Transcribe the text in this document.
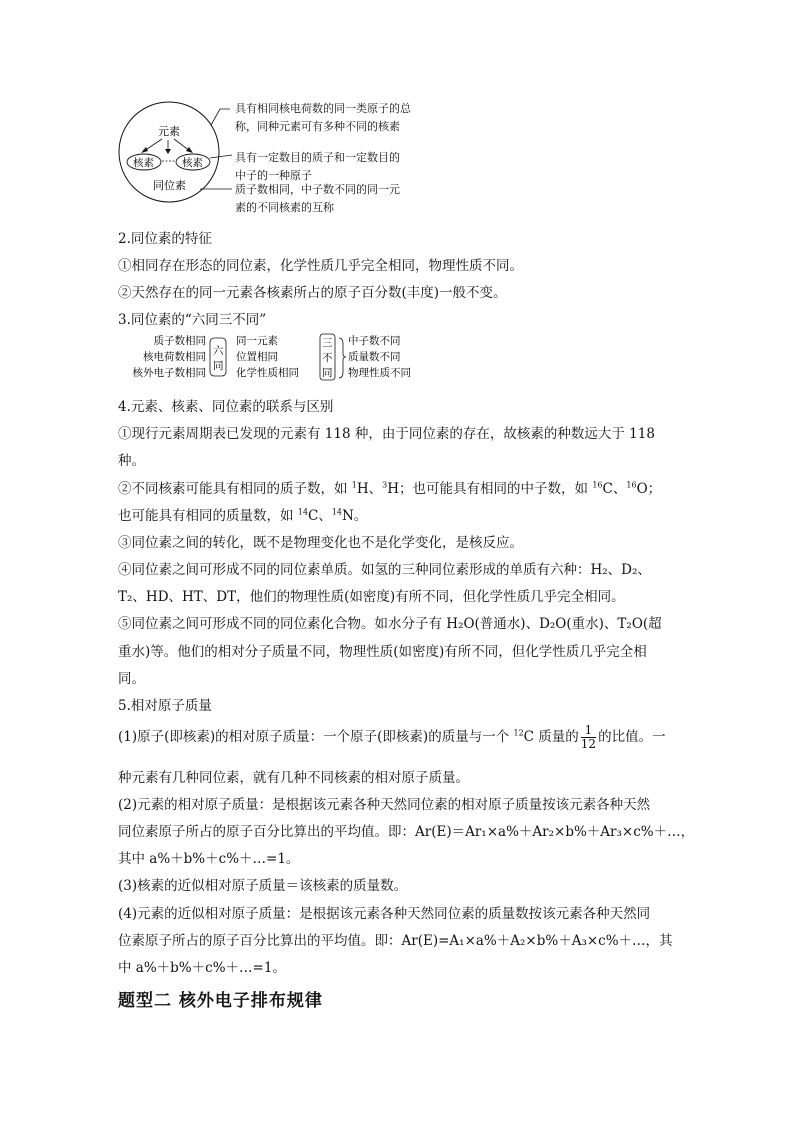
元素
核素	核素
同位素
具有相同核电荷数的同一类原子的总
称，同种元素可有多种不同的核素
具有一定数目的质子和一定数目的
中子的一种原子
质子数相同，中子数不同的同一元
素的不同核素的互称
2.同位素的特征
①相同存在形态的同位素，化学性质几乎完全相同，物理性质不同。
②天然存在的同一元素各核素所占的原子百分数(丰度)一般不变。
3.同位素的“六同三不同”
质子数相同
核电荷数相同
核外电子数相同
六
同
同一元素
位置相同
化学性质相同
三
不
同
中子数不同
质量数不同
物理性质不同
4.元素、核素、同位素的联系与区别
①现行元素周期表已发现的元素有 118 种，由于同位素的存在，故核素的种数远大于 118
种。
②不同核素可能具有相同的质子数，如 $^1$H、$^3$H；也可能具有相同的中子数，如 $^{16}$C、$^{16}$O；
也可能具有相同的质量数，如 $^{14}$C、$^{14}$N。
③同位素之间的转化，既不是物理变化也不是化学变化，是核反应。
④同位素之间可形成不同的同位素单质。如氢的三种同位素形成的单质有六种：H₂、D₂、
T₂、HD、HT、DT，他们的物理性质(如密度)有所不同，但化学性质几乎完全相同。
⑤同位素之间可形成不同的同位素化合物。如水分子有 H₂O(普通水)、D₂O(重水)、T₂O(超
重水)等。他们的相对分子质量不同，物理性质(如密度)有所不同，但化学性质几乎完全相
同。
5.相对原子质量
(1)原子(即核素)的相对原子质量：一个原子(即核素)的质量与一个 $^{12}$C 质量的 $\frac{1}{12}$ 的比值。一
种元素有几种同位素，就有几种不同核素的相对原子质量。
(2)元素的相对原子质量：是根据该元素各种天然同位素的相对原子质量按该元素各种天然
同位素原子所占的原子百分比算出的平均值。即：Ar(E)＝Ar₁×a%＋Ar₂×b%＋Ar₃×c%＋…，
其中 a%＋b%＋c%＋…=1。
(3)核素的近似相对原子质量＝该核素的质量数。
(4)元素的近似相对原子质量：是根据该元素各种天然同位素的质量数按该元素各种天然同
位素原子所占的原子百分比算出的平均值。即：Ar(E)=A₁×a%＋A₂×b%＋A₃×c%＋…，其
中 a%＋b%＋c%＋…=1。
题型二 核外电子排布规律
